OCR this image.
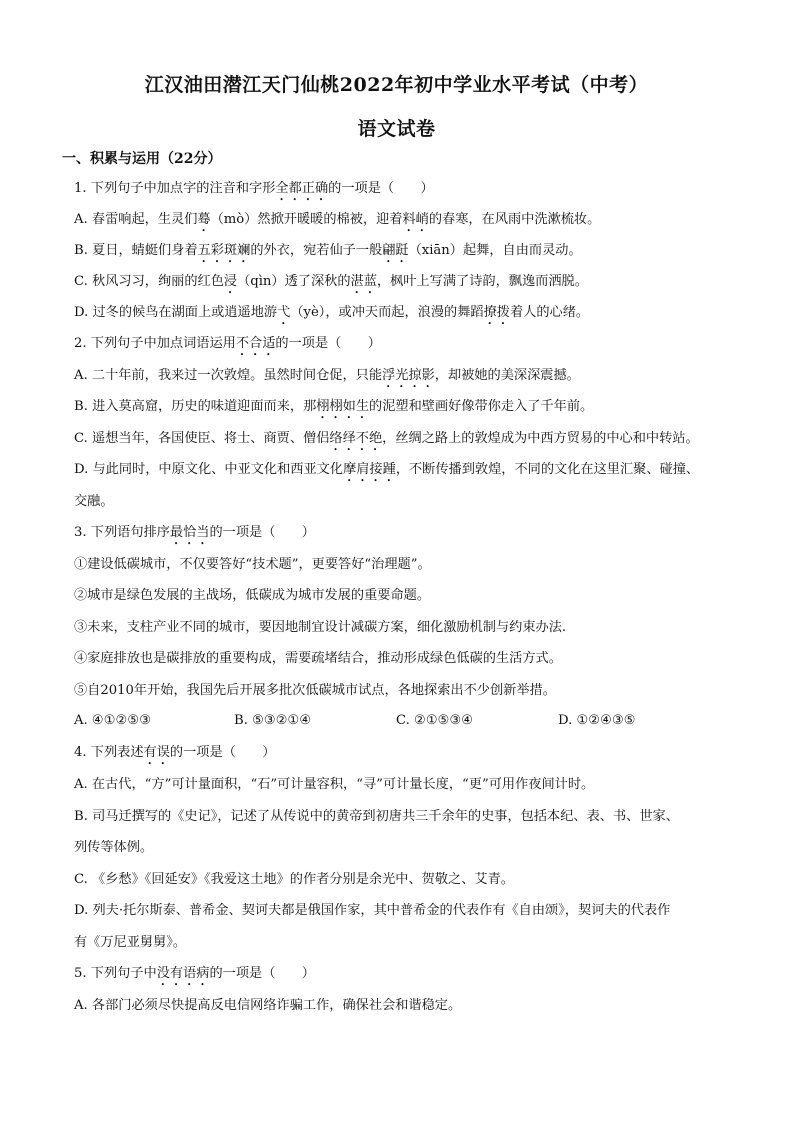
江汉油田潜江天门仙桃2022年初中学业水平考试（中考）
语文试卷
一、积累与运用（22分）
1. 下列句子中加点字的注音和字形全都正确的一项是（　　）
A. 春雷响起，生灵们蓦（mò）然掀开暖暖的棉被，迎着料峭的春寒，在风雨中洗漱梳妆。
B. 夏日，蜻蜓们身着五彩斑斓的外衣，宛若仙子一般翩跹（xiān）起舞，自由而灵动。
C. 秋风习习，绚丽的红色浸（qìn）透了深秋的湛蓝，枫叶上写满了诗韵，飘逸而洒脱。
D. 过冬的候鸟在湖面上或逍遥地游弋（yè），或冲天而起，浪漫的舞蹈撩拨着人的心绪。
2. 下列句子中加点词语运用不合适的一项是（　　）
A. 二十年前，我来过一次敦煌。虽然时间仓促，只能浮光掠影，却被她的美深深震撼。
B. 进入莫高窟，历史的味道迎面而来，那栩栩如生的泥塑和壁画好像带你走入了千年前。
C. 遥想当年，各国使臣、将士、商贾、僧侣络绎不绝，丝绸之路上的敦煌成为中西方贸易的中心和中转站。
D. 与此同时，中原文化、中亚文化和西亚文化摩肩接踵，不断传播到敦煌，不同的文化在这里汇聚、碰撞、
交融。
3. 下列语句排序最恰当的一项是（　　）
①建设低碳城市，不仅要答好“技术题”，更要答好“治理题”。
②城市是绿色发展的主战场，低碳成为城市发展的重要命题。
③未来，支柱产业不同的城市，要因地制宜设计减碳方案，细化激励机制与约束办法.
④家庭排放也是碳排放的重要构成，需要疏堵结合，推动形成绿色低碳的生活方式。
⑤自2010年开始，我国先后开展多批次低碳城市试点，各地探索出不少创新举措。
A. ④①②⑤③	B. ⑤③②①④	C. ②①⑤③④	D. ①②④③⑤
4. 下列表述有误的一项是（　　）
A. 在古代，“方”可计量面积，“石”可计量容积，“寻”可计量长度，“更”可用作夜间计时。
B. 司马迁撰写的《史记》，记述了从传说中的黄帝到初唐共三千余年的史事，包括本纪、表、书、世家、
列传等体例。
C. 《乡愁》《回延安》《我爱这土地》的作者分别是余光中、贺敬之、艾青。
D. 列夫·托尔斯泰、普希金、契诃夫都是俄国作家，其中普希金的代表作有《自由颂》，契诃夫的代表作
有《万尼亚舅舅》。
5. 下列句子中没有语病的一项是（　　）
A. 各部门必须尽快提高反电信网络诈骗工作，确保社会和谐稳定。
